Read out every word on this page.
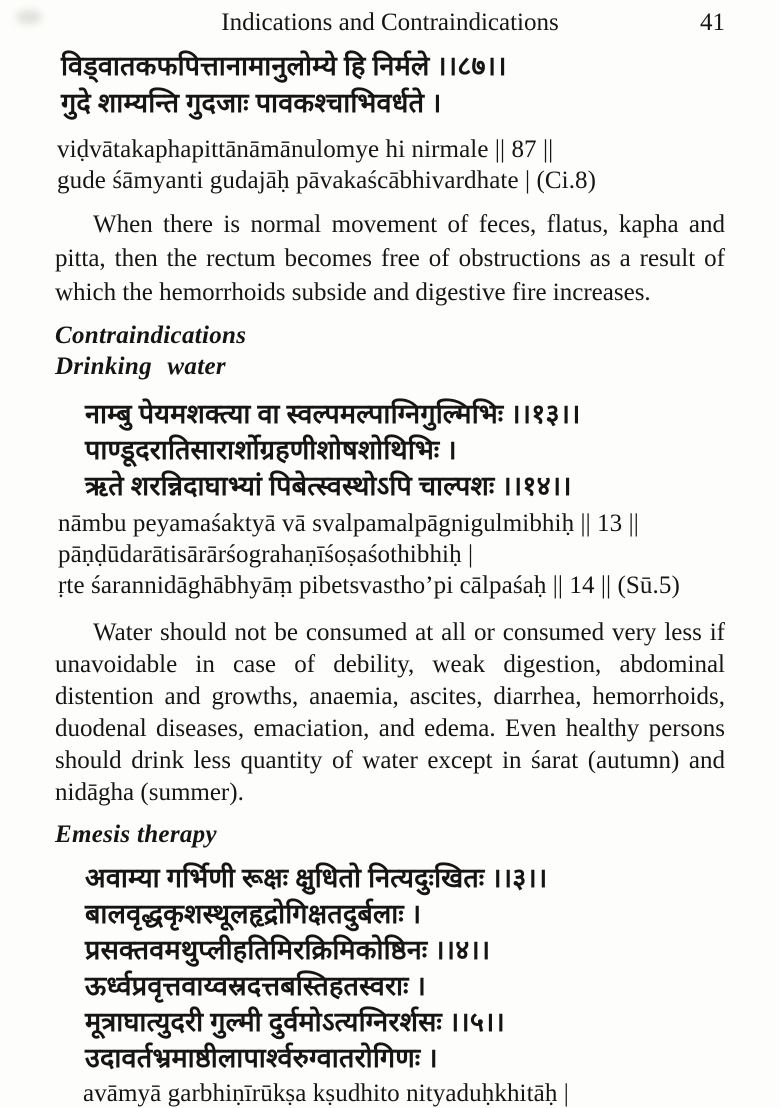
Indications and Contraindications	41
विड्वातकफपित्तानामानुलोम्ये हि निर्मले ।।८७।।
गुदे शाम्यन्ति गुदजाः पावकश्चाभिवर्धते ।
viḍvātakaphapittānāmānulomye hi nirmale || 87 ||
gude śāmyanti gudajāḥ pāvakaścābhivardhate | (Ci.8)
When there is normal movement of feces, flatus, kapha and pitta, then the rectum becomes free of obstructions as a result of which the hemorrhoids subside and digestive fire increases.
Contraindications
Drinking water
नाम्बु पेयमशक्त्या वा स्वल्पमल्पाग्निगुल्मिभिः ।।१३।।
पाण्डूदरातिसारार्शोग्रहणीशोषशोथिभिः ।
ऋते शरन्निदाघाभ्यां पिबेत्स्वस्थोऽपि चाल्पशः ।।१४।।
nāmbu peyamaśaktyā vā svalpamalpāgnigulmibhiḥ || 13 ||
pāṇḍūdarātisārārśograhaṇīśoṣaśothibhiḥ |
ṛte śarannidāghābhyāṃ pibetsvastho’pi cālpaśaḥ || 14 || (Sū.5)
Water should not be consumed at all or consumed very less if unavoidable in case of debility, weak digestion, abdominal distention and growths, anaemia, ascites, diarrhea, hemorrhoids, duodenal diseases, emaciation, and edema. Even healthy persons should drink less quantity of water except in śarat (autumn) and nidāgha (summer).
Emesis therapy
अवाम्या गर्भिणी रूक्षः क्षुधितो नित्यदुःखितः ।।३।।
बालवृद्धकृशस्थूलहृद्रोगिक्षतदुर्बलाः ।
प्रसक्तवमथुप्लीहतिमिरक्रिमिकोष्ठिनः ।।४।।
ऊर्ध्वप्रवृत्तवाय्वस्रदत्तबस्तिहतस्वराः ।
मूत्राघात्युदरी गुल्मी दुर्वमोऽत्यग्निरर्शसः ।।५।।
उदावर्तभ्रमाष्ठीलापार्श्वरुग्वातरोगिणः ।
avāmyā garbhiṇīrūkṣa kṣudhito nityaduḥkhitāḥ |
